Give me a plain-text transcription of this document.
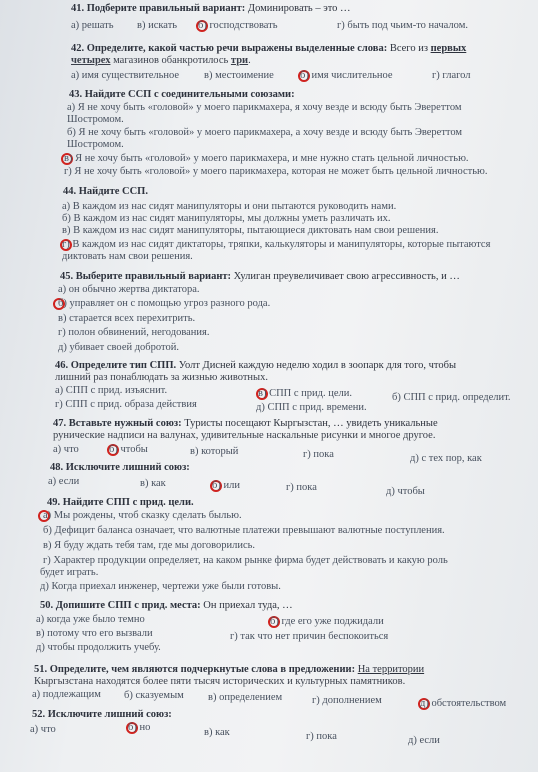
41. Подберите правильный вариант: Доминировать – это …
а) решать в) искать б) господствовать	г) быть под чьим-то началом.
42. Определите, какой частью речи выражены выделенные слова: Всего из первых
четырех магазинов обанкротилось три.
а) имя существительное в) местоимение б) имя числительное	г) глагол
43. Найдите ССП с соединительными союзами:
а) Я не хочу быть «головой» у моего парикмахера, я хочу везде и всюду быть Эвереттом
Шостромом.
б) Я не хочу быть «головой» у моего парикмахера, а хочу везде и всюду быть Эвереттом
Шостромом.
в) Я не хочу быть «головой» у моего парикмахера, и мне нужно стать цельной личностью.
г) Я не хочу быть «головой» у моего парикмахера, которая не может быть цельной личностью.
44. Найдите ССП.
а) В каждом из нас сидят манипуляторы и они пытаются руководить нами.
б) В каждом из нас сидят манипуляторы, мы должны уметь различать их.
в) В каждом из нас сидят манипуляторы, пытающиеся диктовать нам свои решения.
г) В каждом из нас сидят диктаторы, тряпки, калькуляторы и манипуляторы, которые пытаются
диктовать нам свои решения.
45. Выберите правильный вариант: Хулиган преувеличивает свою агрессивность, и …
а) он обычно жертва диктатора.
б) управляет он с помощью угроз разного рода.
в) старается всех перехитрить.
г) полон обвинений, негодования.
д) убивает своей добротой.
46. Определите тип СПП. Уолт Дисней каждую неделю ходил в зоопарк для того, чтобы
лишний раз понаблюдать за жизнью животных.
а) СПП с прид. изъяснит.	в) СПП с прид. цели.	б) СПП с прид. определит.
г) СПП с прид. образа действия	д) СПП с прид. времени.
47. Вставьте нужный союз: Туристы посещают Кыргызстан, … увидеть уникальные
рунические надписи на валунах, удивительные наскальные рисунки и многое другое.
а) что	б) чтобы	в) который	г) пока	д) с тех пор, как
48. Исключите лишний союз:
а) если	в) как	б) или	г) пока	д) чтобы
49. Найдите СПП с прид. цели.
а) Мы рождены, чтоб сказку сделать былью.
б) Дефицит баланса означает, что валютные платежи превышают валютные поступления.
в) Я буду ждать тебя там, где мы договорились.
г) Характер продукции определяет, на каком рынке фирма будет действовать и какую роль
будет играть.
д) Когда приехал инженер, чертежи уже были готовы.
50. Допишите СПП с прид. места: Он приехал туда, …
а) когда уже было темно	б) где его уже поджидали
в) потому что его вызвали	г) так что нет причин беспокоиться
д) чтобы продолжить учебу.
51. Определите, чем являются подчеркнутые слова в предложении: На территории
Кыргызстана находятся более пяти тысяч исторических и культурных памятников.
а) подлежащим б) сказуемым в) определением	г) дополнением	д) обстоятельством
52. Исключите лишний союз:
а) что	б) но	в) как	г) пока	д) если
